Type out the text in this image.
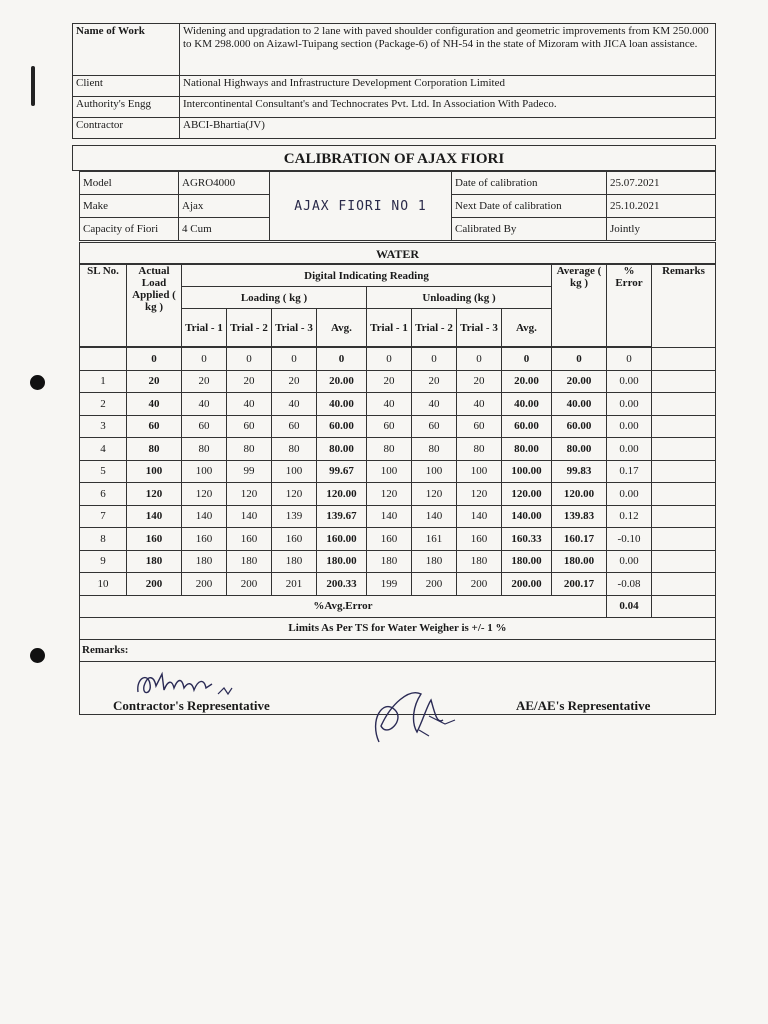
Name of Work	Widening and upgradation to 2 lane with paved shoulder configuration and geometric improvements from KM 250.000 to KM 298.000 on Aizawl-Tuipang section (Package-6) of NH-54 in the state of Mizoram with JICA loan assistance.
Client	National Highways and Infrastructure Development Corporation Limited
Authority's Engg	Intercontinental Consultant's and Technocrates Pvt. Ltd. In Association With Padeco.
Contractor	ABCI-Bhartia(JV)
CALIBRATION OF AJAX FIORI
Model	AGRO4000	AJAX FIORI NO 1	Date of calibration	25.07.2021
Make	Ajax		Next Date of calibration	25.10.2021
Capacity of Fiori	4 Cum		Calibrated By	Jointly
WATER
SL No.	Actual Load Applied ( kg )	Digital Indicating Reading								Average ( kg )	% Error	Remarks
		Loading ( kg )				Unloading (kg )						
		Trial - 1	Trial - 2	Trial - 3	Avg.	Trial - 1	Trial - 2	Trial - 3	Avg.			

	0	0	0	0	0	0	0	0	0	0	0	
1	20	20	20	20	20.00	20	20	20	20.00	20.00	0.00	
2	40	40	40	40	40.00	40	40	40	40.00	40.00	0.00	
3	60	60	60	60	60.00	60	60	60	60.00	60.00	0.00	
4	80	80	80	80	80.00	80	80	80	80.00	80.00	0.00	
5	100	100	99	100	99.67	100	100	100	100.00	99.83	0.17	
6	120	120	120	120	120.00	120	120	120	120.00	120.00	0.00	
7	140	140	140	139	139.67	140	140	140	140.00	139.83	0.12	
8	160	160	160	160	160.00	160	161	160	160.33	160.17	-0.10	
9	180	180	180	180	180.00	180	180	180	180.00	180.00	0.00	
10	200	200	200	201	200.33	199	200	200	200.00	200.17	-0.08	
%Avg.Error											0.04	
Limits As Per TS for Water Weigher is +/- 1 %												
Remarks:												
Contractor's Representative	AE/AE's Representative
